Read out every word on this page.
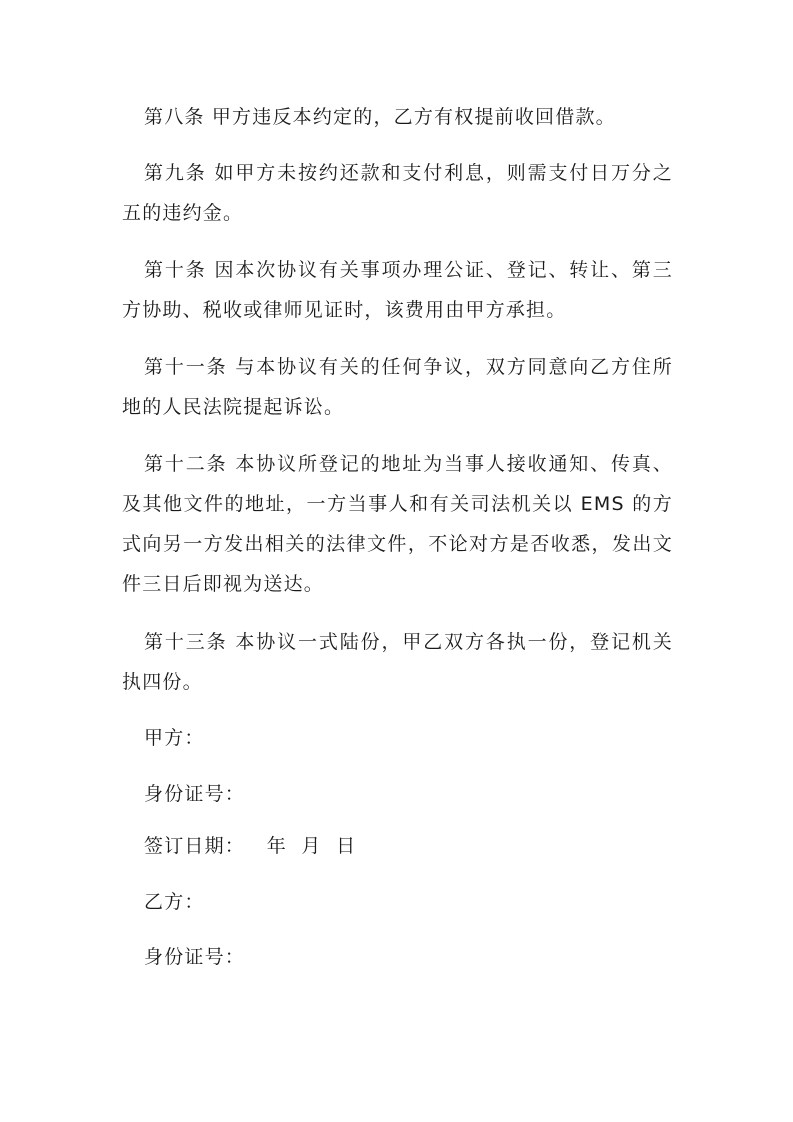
第八条 甲方违反本约定的，乙方有权提前收回借款。

第九条 如甲方未按约还款和支付利息，则需支付日万分之五的违约金。

第十条 因本次协议有关事项办理公证、登记、转让、第三方协助、税收或律师见证时，该费用由甲方承担。

第十一条 与本协议有关的任何争议，双方同意向乙方住所地的人民法院提起诉讼。

第十二条 本协议所登记的地址为当事人接收通知、传真、及其他文件的地址，一方当事人和有关司法机关以 EMS 的方式向另一方发出相关的法律文件，不论对方是否收悉，发出文件三日后即视为送达。

第十三条 本协议一式陆份，甲乙双方各执一份，登记机关执四份。

甲方：

身份证号：

签订日期：   年  月  日

乙方：

身份证号：
